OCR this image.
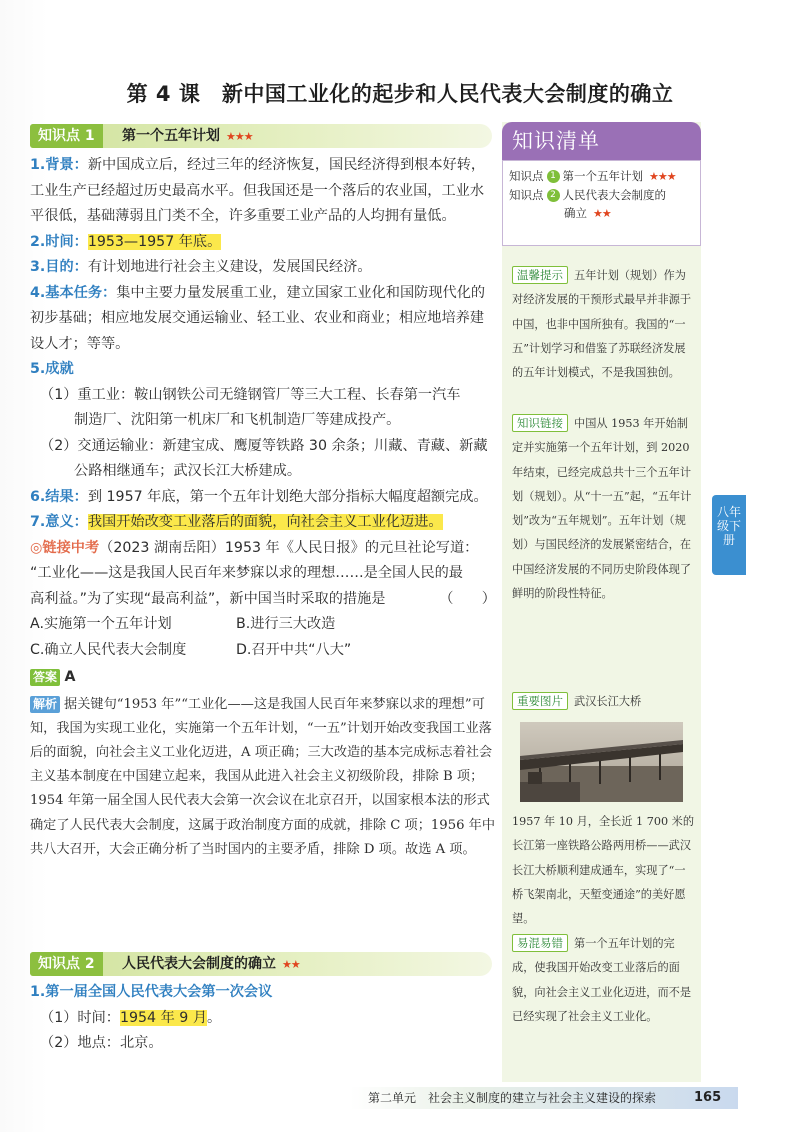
第 4 课　新中国工业化的起步和人民代表大会制度的确立
知识点 1	第一个五年计划 ★★★
1.背景：新中国成立后，经过三年的经济恢复，国民经济得到根本好转，工业生产已经超过历史最高水平。但我国还是一个落后的农业国，工业水平很低，基础薄弱且门类不全，许多重要工业产品的人均拥有量低。
2.时间：1953—1957 年底。
3.目的：有计划地进行社会主义建设，发展国民经济。
4.基本任务：集中主要力量发展重工业，建立国家工业化和国防现代化的初步基础；相应地发展交通运输业、轻工业、农业和商业；相应地培养建设人才；等等。
5.成就
（1）重工业：鞍山钢铁公司无缝钢管厂等三大工程、长春第一汽车
制造厂、沈阳第一机床厂和飞机制造厂等建成投产。
（2）交通运输业：新建宝成、鹰厦等铁路 30 余条；川藏、青藏、新藏
公路相继通车；武汉长江大桥建成。
6.结果：到 1957 年底，第一个五年计划绝大部分指标大幅度超额完成。
7.意义：我国开始改变工业落后的面貌，向社会主义工业化迈进。
◎链接中考（2023 湖南岳阳）1953 年《人民日报》的元旦社论写道：
“工业化——这是我国人民百年来梦寐以求的理想……是全国人民的最
高利益。”为了实现“最高利益”，新中国当时采取的措施是	（　　）
A.实施第一个五年计划	B.进行三大改造
C.确立人民代表大会制度	D.召开中共“八大”
答案 A
解析 据关键句“1953 年”“工业化——这是我国人民百年来梦寐以求的理想”可知，我国为实现工业化，实施第一个五年计划，“一五”计划开始改变我国工业落后的面貌，向社会主义工业化迈进，A 项正确；三大改造的基本完成标志着社会主义基本制度在中国建立起来，我国从此进入社会主义初级阶段，排除 B 项；1954 年第一届全国人民代表大会第一次会议在北京召开，以国家根本法的形式确定了人民代表大会制度，这属于政治制度方面的成就，排除 C 项；1956 年中共八大召开，大会正确分析了当时国内的主要矛盾，排除 D 项。故选 A 项。
知识点 2	人民代表大会制度的确立 ★★
1.第一届全国人民代表大会第一次会议
（1）时间：1954 年 9 月。
（2）地点：北京。
知识清单
知识点 1 第一个五年计划 ★★★
知识点 2 人民代表大会制度的
确立 ★★
温馨提示 五年计划（规划）作为对经济发展的干预形式最早并非源于中国，也非中国所独有。我国的“一五”计划学习和借鉴了苏联经济发展的五年计划模式，不是我国独创。
知识链接 中国从 1953 年开始制定并实施第一个五年计划，到 2020 年结束，已经完成总共十三个五年计划（规划）。从“十一五”起，“五年计划”改为“五年规划”。五年计划（规划）与国民经济的发展紧密结合，在中国经济发展的不同历史阶段体现了鲜明的阶段性特征。
重要图片 武汉长江大桥
1957 年 10 月，全长近 1 700 米的长江第一座铁路公路两用桥——武汉长江大桥顺利建成通车，实现了“一桥飞架南北，天堑变通途”的美好愿望。
易混易错 第一个五年计划的完成，使我国开始改变工业落后的面貌，向社会主义工业化迈进，而不是已经实现了社会主义工业化。
八年级下册
第二单元　社会主义制度的建立与社会主义建设的探索	165
